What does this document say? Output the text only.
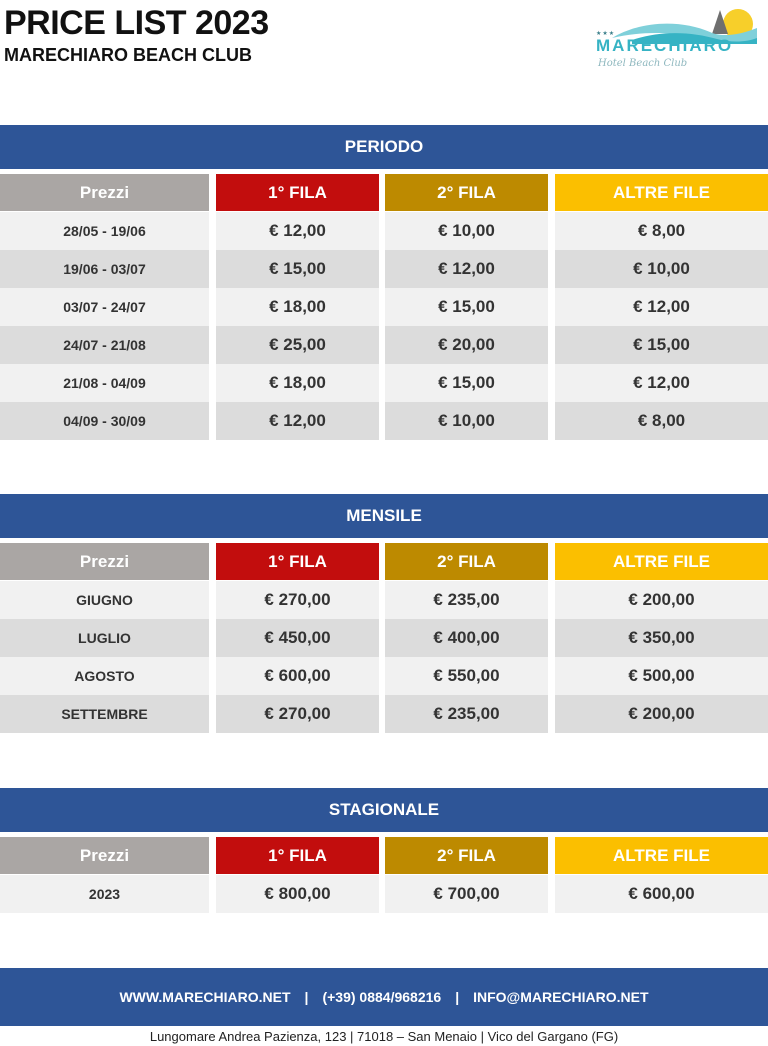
PRICE LIST 2023
MARECHIARO BEACH CLUB
★★★
MARECHIARO
Hotel Beach Club
PERIODO
Prezzi	1° FILA	2° FILA	ALTRE FILE
28/05 - 19/06	€ 12,00	€ 10,00	€ 8,00
19/06 - 03/07	€ 15,00	€ 12,00	€ 10,00
03/07 - 24/07	€ 18,00	€ 15,00	€ 12,00
24/07 - 21/08	€ 25,00	€ 20,00	€ 15,00
21/08 - 04/09	€ 18,00	€ 15,00	€ 12,00
04/09 - 30/09	€ 12,00	€ 10,00	€ 8,00
MENSILE
Prezzi	1° FILA	2° FILA	ALTRE FILE
GIUGNO	€ 270,00	€ 235,00	€ 200,00
LUGLIO	€ 450,00	€ 400,00	€ 350,00
AGOSTO	€ 600,00	€ 550,00	€ 500,00
SETTEMBRE	€ 270,00	€ 235,00	€ 200,00
STAGIONALE
Prezzi	1° FILA	2° FILA	ALTRE FILE
2023	€ 800,00	€ 700,00	€ 600,00
WWW.MARECHIARO.NET | (+39) 0884/968216 | INFO@MARECHIARO.NET
Lungomare Andrea Pazienza, 123 | 71018 – San Menaio | Vico del Gargano (FG)
